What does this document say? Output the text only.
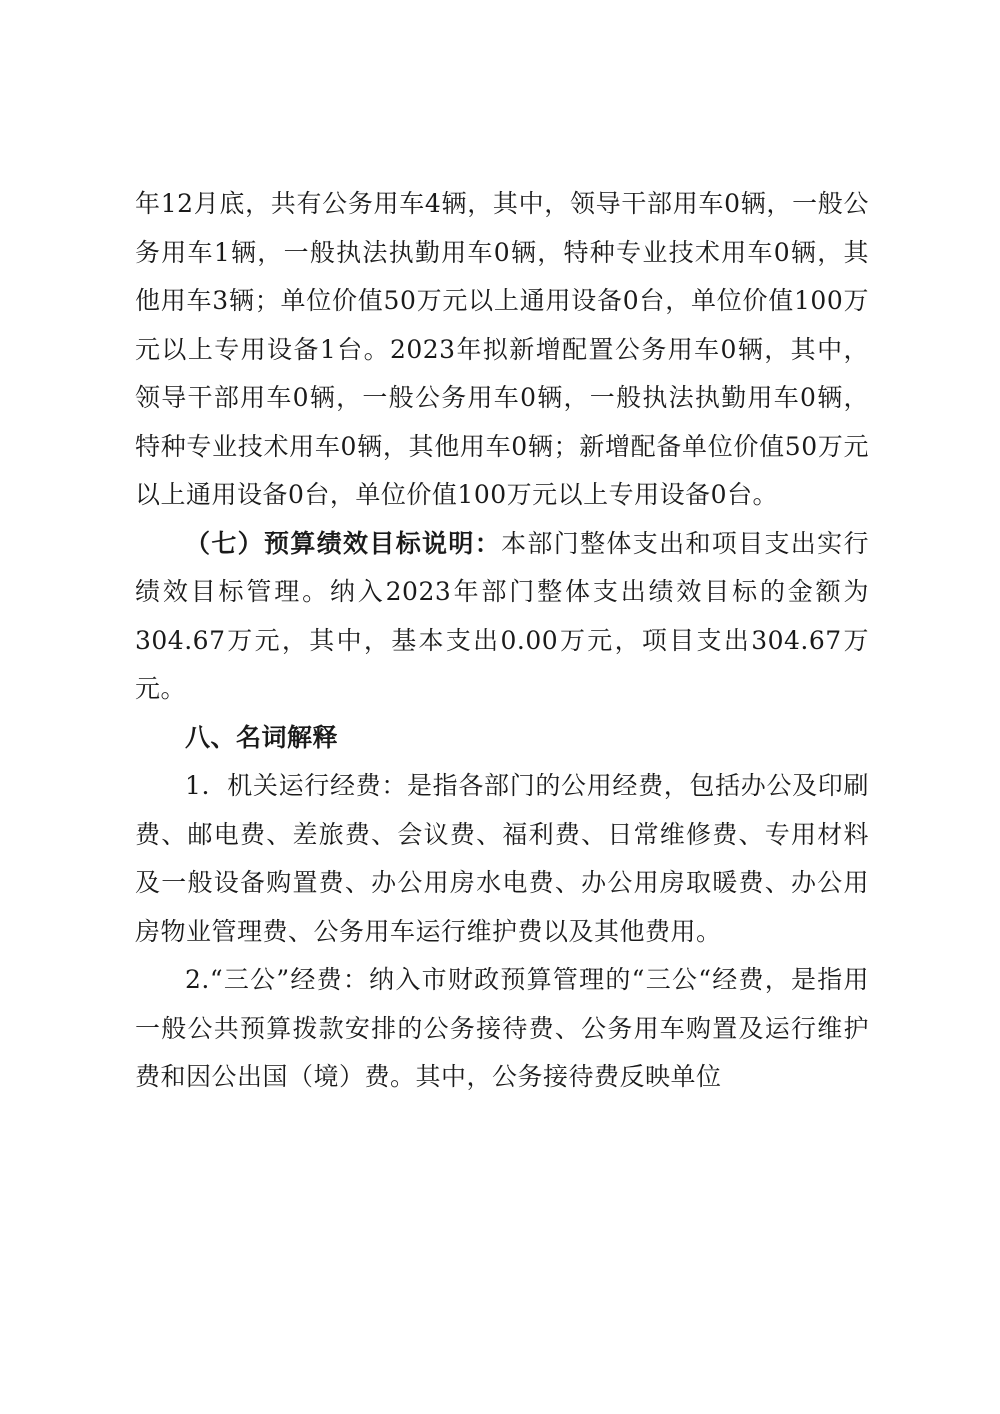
年12月底，共有公务用车4辆，其中，领导干部用车0辆，一般公务用车1辆，一般执法执勤用车0辆，特种专业技术用车0辆，其他用车3辆；单位价值50万元以上通用设备0台，单位价值100万元以上专用设备1台。2023年拟新增配置公务用车0辆，其中，领导干部用车0辆，一般公务用车0辆，一般执法执勤用车0辆，特种专业技术用车0辆，其他用车0辆；新增配备单位价值50万元以上通用设备0台，单位价值100万元以上专用设备0台。

（七）预算绩效目标说明：本部门整体支出和项目支出实行绩效目标管理。纳入2023年部门整体支出绩效目标的金额为304.67万元，其中，基本支出0.00万元，项目支出304.67万元。

八、名词解释

1．机关运行经费：是指各部门的公用经费，包括办公及印刷费、邮电费、差旅费、会议费、福利费、日常维修费、专用材料及一般设备购置费、办公用房水电费、办公用房取暖费、办公用房物业管理费、公务用车运行维护费以及其他费用。

2.“三公”经费：纳入市财政预算管理的“三公“经费，是指用一般公共预算拨款安排的公务接待费、公务用车购置及运行维护费和因公出国（境）费。其中，公务接待费反映单位
